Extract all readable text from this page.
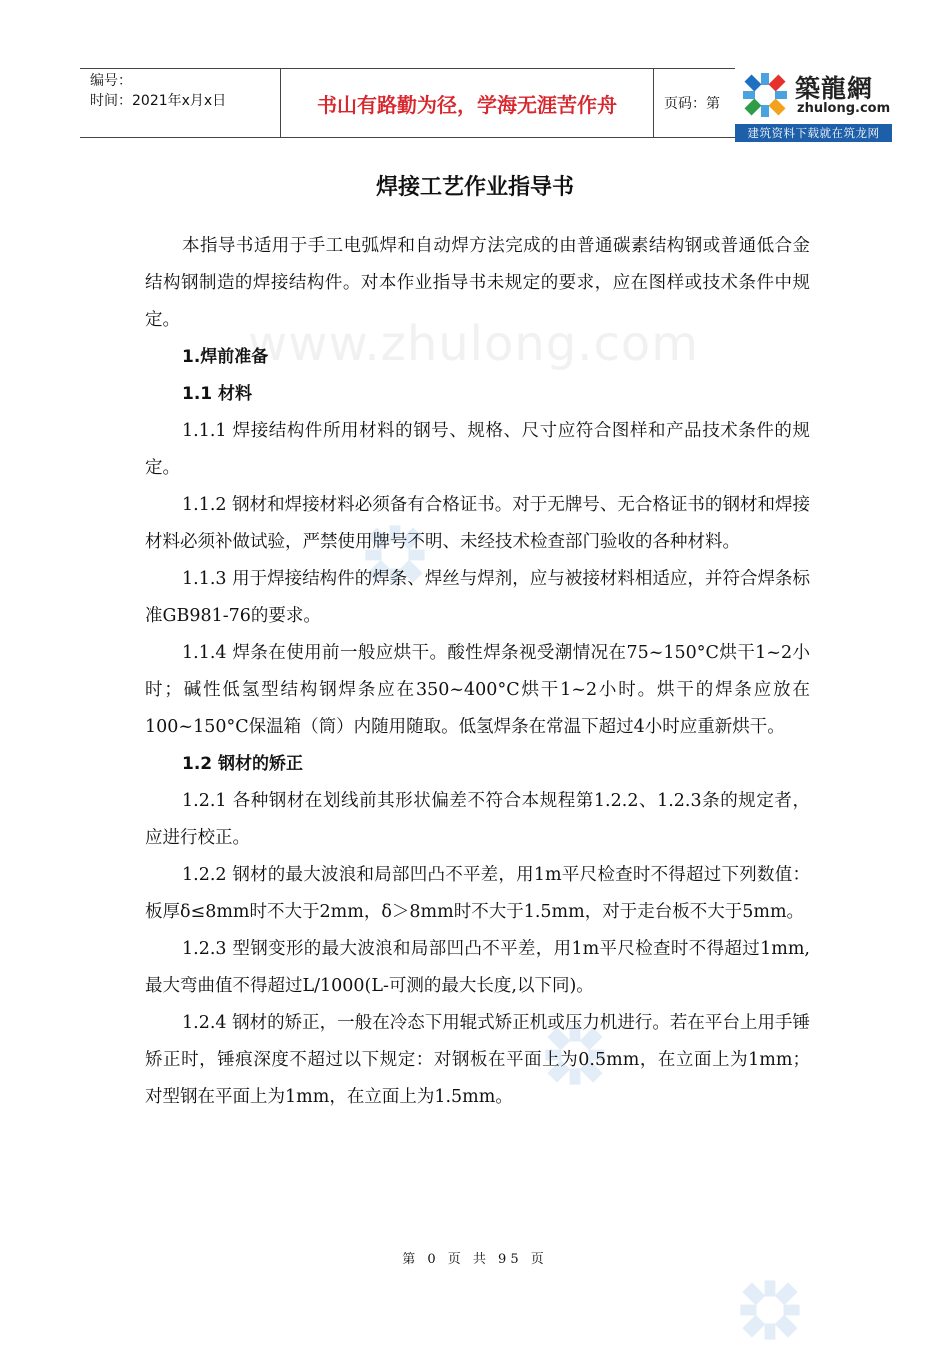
编号：
时间：2021年x月x日	书山有路勤为径，学海无涯苦作舟	页码：第
築龍網
zhulong.com
建筑资料下载就在筑龙网
www.zhulong.com
焊接工艺作业指导书

本指导书适用于手工电弧焊和自动焊方法完成的由普通碳素结构钢或普通低合金结构钢制造的焊接结构件。对本作业指导书未规定的要求，应在图样或技术条件中规定。

1.焊前准备

1.1 材料

1.1.1 焊接结构件所用材料的钢号、规格、尺寸应符合图样和产品技术条件的规定。

1.1.2 钢材和焊接材料必须备有合格证书。对于无牌号、无合格证书的钢材和焊接材料必须补做试验，严禁使用牌号不明、未经技术检查部门验收的各种材料。

1.1.3 用于焊接结构件的焊条、焊丝与焊剂，应与被接材料相适应，并符合焊条标准GB981-76的要求。

1.1.4 焊条在使用前一般应烘干。酸性焊条视受潮情况在75~150°C烘干1~2小时；碱性低氢型结构钢焊条应在350~400°C烘干1~2小时。烘干的焊条应放在100~150°C保温箱（筒）内随用随取。低氢焊条在常温下超过4小时应重新烘干。

1.2 钢材的矫正

1.2.1 各种钢材在划线前其形状偏差不符合本规程第1.2.2、1.2.3条的规定者，应进行校正。

1.2.2 钢材的最大波浪和局部凹凸不平差，用1m平尺检查时不得超过下列数值：板厚δ≤8mm时不大于2mm，δ＞8mm时不大于1.5mm，对于走台板不大于5mm。

1.2.3 型钢变形的最大波浪和局部凹凸不平差，用1m平尺检查时不得超过1mm,最大弯曲值不得超过L/1000(L-可测的最大长度,以下同)。

1.2.4 钢材的矫正，一般在冷态下用辊式矫正机或压力机进行。若在平台上用手锤矫正时，锤痕深度不超过以下规定：对钢板在平面上为0.5mm，在立面上为1mm；对型钢在平面上为1mm，在立面上为1.5mm。

第 0 页 共 95 页
